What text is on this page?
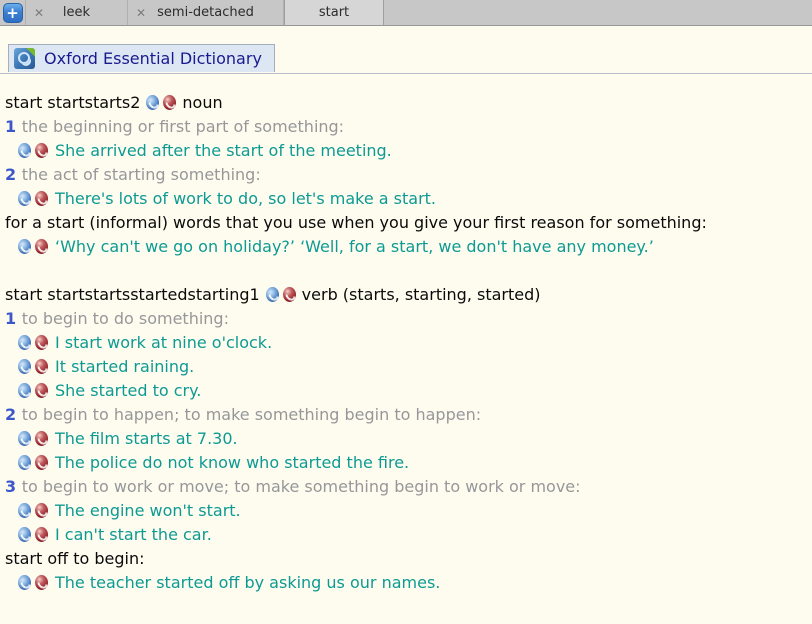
+	✕	leek	✕ semi-detached	start
Oxford Essential Dictionary
start startstarts2	noun
1 the beginning or first part of something:
She arrived after the start of the meeting.
2 the act of starting something:
There's lots of work to do, so let's make a start.
for a start (informal) words that you use when you give your first reason for something:
‘Why can't we go on holiday?’ ‘Well, for a start, we don't have any money.’
start startstartsstartedstarting1	verb (starts, starting, started)
1 to begin to do something:
I start work at nine o'clock.
It started raining.
She started to cry.
2 to begin to happen; to make something begin to happen:
The film starts at 7.30.
The police do not know who started the fire.
3 to begin to work or move; to make something begin to work or move:
The engine won't start.
I can't start the car.
start off to begin:
The teacher started off by asking us our names.
